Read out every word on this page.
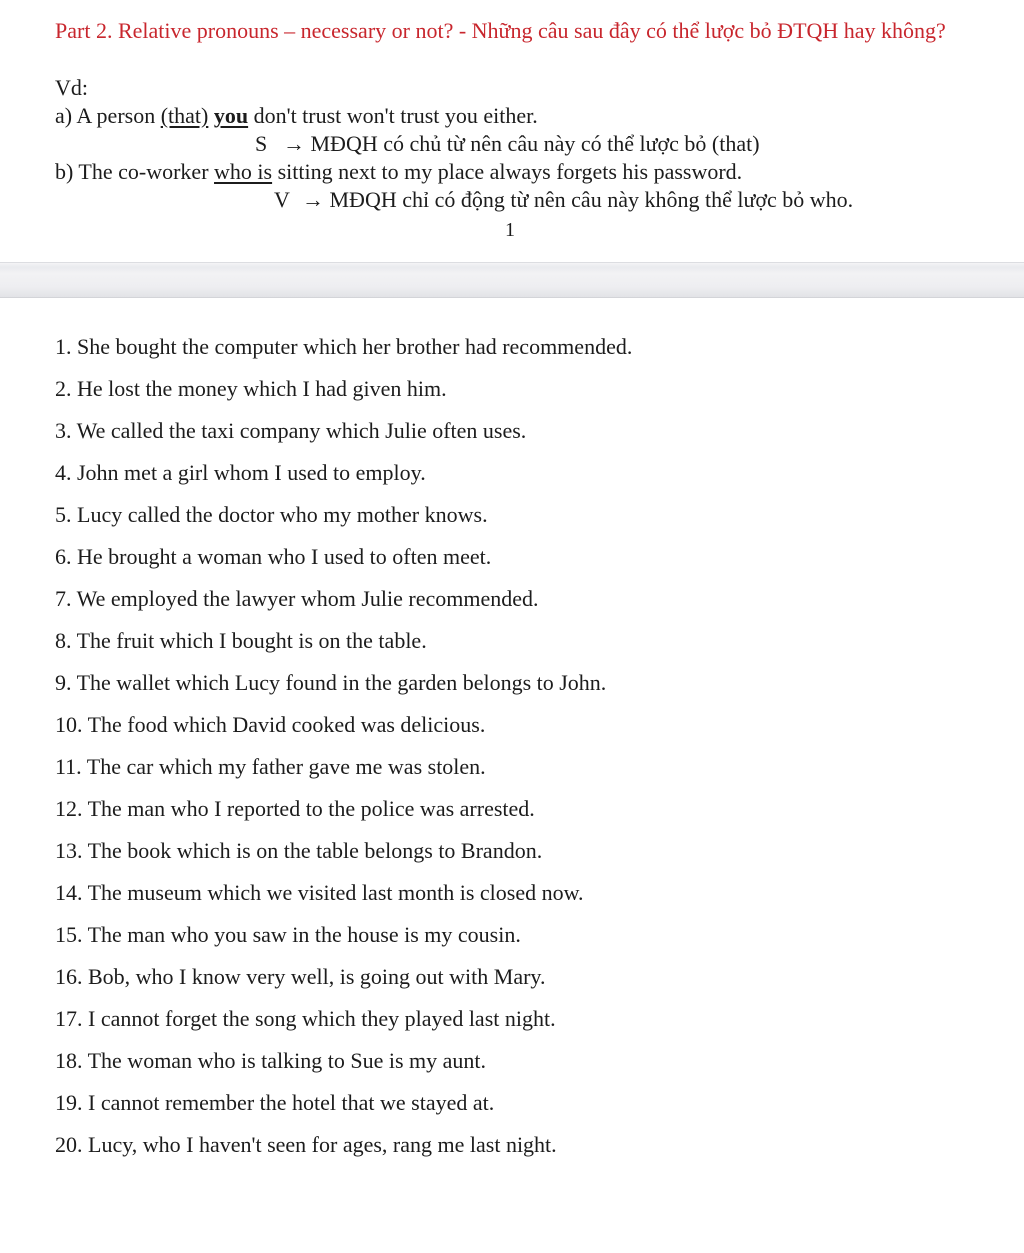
Part 2. Relative pronouns – necessary or not? - Những câu sau đây có thể lược bỏ ĐTQH hay không?
Vd:
a) A person (that) you don't trust won't trust you either.
S → MĐQH có chủ từ nên câu này có thể lược bỏ (that)
b) The co-worker who is sitting next to my place always forgets his password.
V → MĐQH chỉ có động từ nên câu này không thể lược bỏ who.
1
1. She bought the computer which her brother had recommended.
2. He lost the money which I had given him.
3. We called the taxi company which Julie often uses.
4. John met a girl whom I used to employ.
5. Lucy called the doctor who my mother knows.
6. He brought a woman who I used to often meet.
7. We employed the lawyer whom Julie recommended.
8. The fruit which I bought is on the table.
9. The wallet which Lucy found in the garden belongs to John.
10. The food which David cooked was delicious.
11. The car which my father gave me was stolen.
12. The man who I reported to the police was arrested.
13. The book which is on the table belongs to Brandon.
14. The museum which we visited last month is closed now.
15. The man who you saw in the house is my cousin.
16. Bob, who I know very well, is going out with Mary.
17. I cannot forget the song which they played last night.
18. The woman who is talking to Sue is my aunt.
19. I cannot remember the hotel that we stayed at.
20. Lucy, who I haven't seen for ages, rang me last night.
